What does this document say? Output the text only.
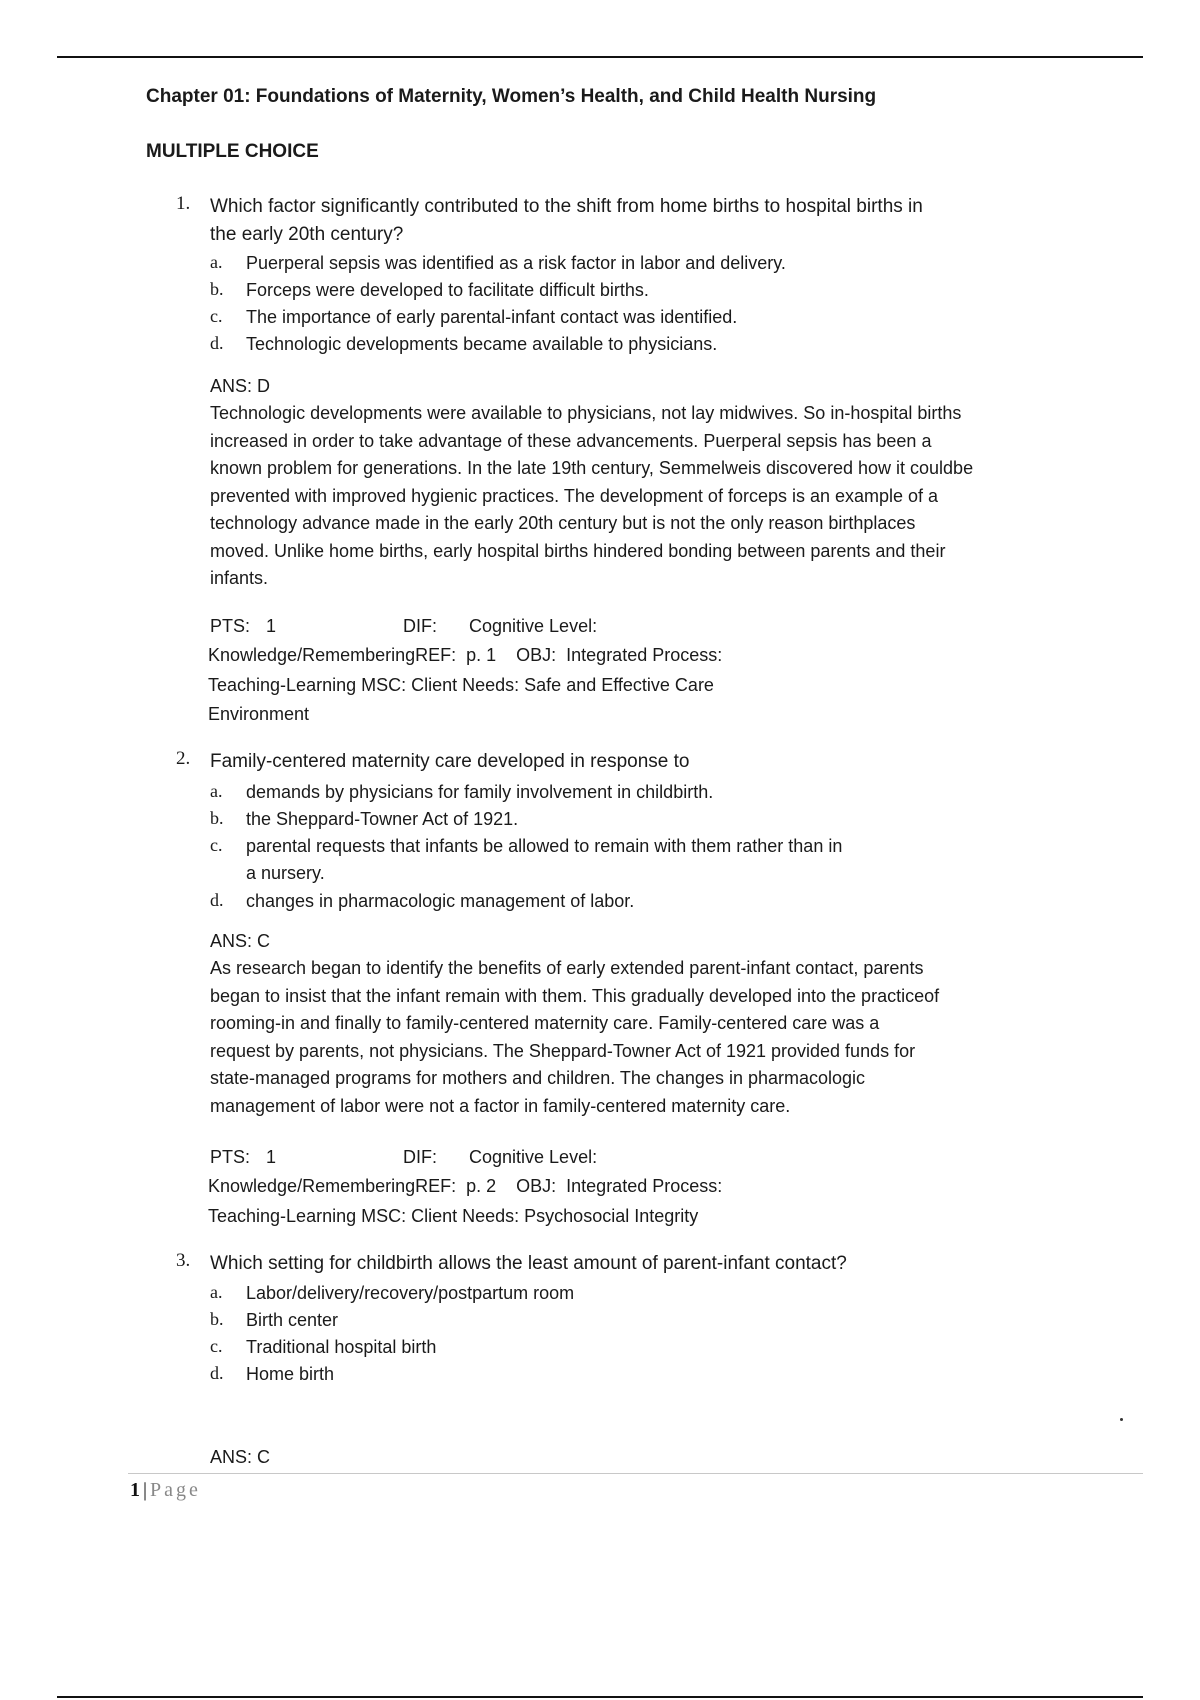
Chapter 01: Foundations of Maternity, Women’s Health, and Child Health Nursing
MULTIPLE CHOICE
1. Which factor significantly contributed to the shift from home births to hospital births in
the early 20th century?
a. Puerperal sepsis was identified as a risk factor in labor and delivery.
b. Forceps were developed to facilitate difficult births.
c. The importance of early parental-infant contact was identified.
d. Technologic developments became available to physicians.
ANS: D
Technologic developments were available to physicians, not lay midwives. So in-hospital births
increased in order to take advantage of these advancements. Puerperal sepsis has been a
known problem for generations. In the late 19th century, Semmelweis discovered how it couldbe
prevented with improved hygienic practices. The development of forceps is an example of a
technology advance made in the early 20th century but is not the only reason birthplaces
moved. Unlike home births, early hospital births hindered bonding between parents and their
infants.
PTS: 1	DIF: Cognitive Level:
Knowledge/RememberingREF:  p. 1    OBJ:  Integrated Process:
Teaching-Learning MSC: Client Needs: Safe and Effective Care
Environment
2. Family-centered maternity care developed in response to
a. demands by physicians for family involvement in childbirth.
b. the Sheppard-Towner Act of 1921.
c. parental requests that infants be allowed to remain with them rather than in
a nursery.
d. changes in pharmacologic management of labor.
ANS: C
As research began to identify the benefits of early extended parent-infant contact, parents
began to insist that the infant remain with them. This gradually developed into the practiceof
rooming-in and finally to family-centered maternity care. Family-centered care was a
request by parents, not physicians. The Sheppard-Towner Act of 1921 provided funds for
state-managed programs for mothers and children. The changes in pharmacologic
management of labor were not a factor in family-centered maternity care.
PTS: 1	DIF: Cognitive Level:
Knowledge/RememberingREF:  p. 2    OBJ:  Integrated Process:
Teaching-Learning MSC: Client Needs: Psychosocial Integrity
3. Which setting for childbirth allows the least amount of parent-infant contact?
a. Labor/delivery/recovery/postpartum room
b. Birth center
c. Traditional hospital birth
d. Home birth
ANS: C
1 | Page
